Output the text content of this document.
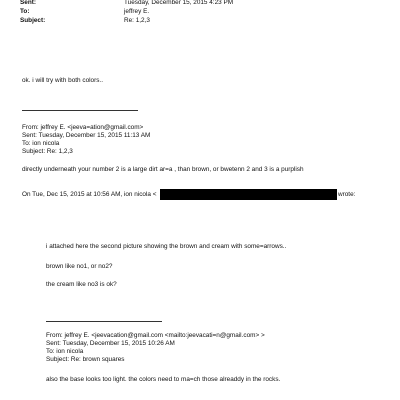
Sent:	Tuesday, December 15, 2015 4:23 PM
To:	jeffrey E.
Subject:	Re: 1,2,3
ok. i will try with both colors..
From: jeffrey E. <jeeva=ation@gmail.com>
Sent: Tuesday, December 15, 2015 11:13 AM
To: ion nicola
Subject: Re: 1,2,3
directly underneath your number 2 is a large dirt ar=a , than brown, or bwetenn 2 and 3 is a purplish
On Tue, Dec 15, 2015 at 10:56 AM, ion nicola <	wrote:
i attached here the second picture showing the brown and cream with some=arrows..
brown like no1, or no2?
the cream like no3 is ok?
From: jeffrey E. <jeevacation@gmail.com <mailto:jeevacati=n@gmail.com> >
Sent: Tuesday, December 15, 2015 10:26 AM
To: ion nicola
Subject: Re: brown squares
also the base looks too light. the colors need to ma=ch those alreaddy in the rocks.
